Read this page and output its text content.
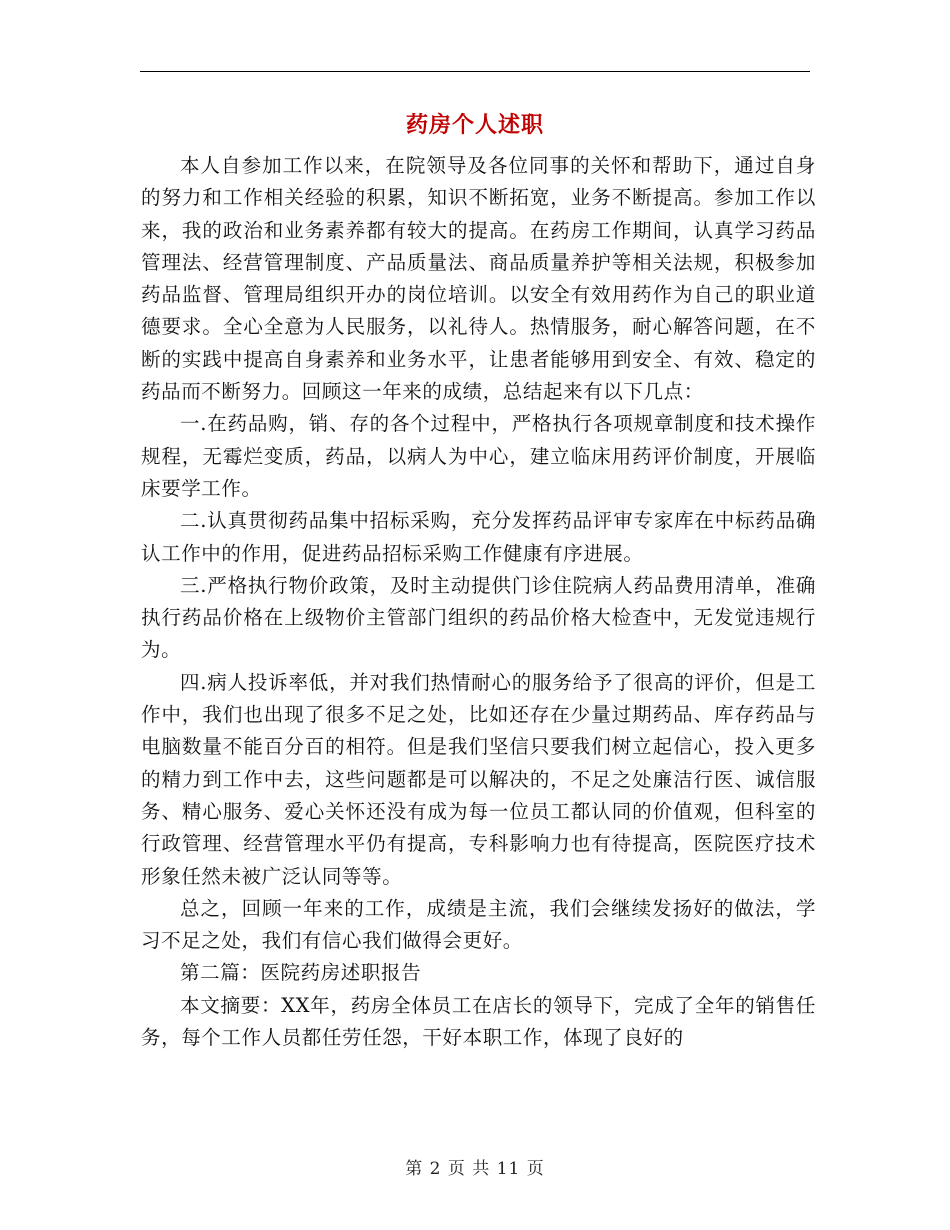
药房个人述职

本人自参加工作以来，在院领导及各位同事的关怀和帮助下，通过自身的努力和工作相关经验的积累，知识不断拓宽，业务不断提高。参加工作以来，我的政治和业务素养都有较大的提高。在药房工作期间，认真学习药品管理法、经营管理制度、产品质量法、商品质量养护等相关法规，积极参加药品监督、管理局组织开办的岗位培训。以安全有效用药作为自己的职业道德要求。全心全意为人民服务，以礼待人。热情服务，耐心解答问题，在不断的实践中提高自身素养和业务水平，让患者能够用到安全、有效、稳定的药品而不断努力。回顾这一年来的成绩，总结起来有以下几点：

一.在药品购，销、存的各个过程中，严格执行各项规章制度和技术操作规程，无霉烂变质，药品，以病人为中心，建立临床用药评价制度，开展临床要学工作。

二.认真贯彻药品集中招标采购，充分发挥药品评审专家库在中标药品确认工作中的作用，促进药品招标采购工作健康有序进展。

三.严格执行物价政策，及时主动提供门诊住院病人药品费用清单，准确执行药品价格在上级物价主管部门组织的药品价格大检查中，无发觉违规行为。

四.病人投诉率低，并对我们热情耐心的服务给予了很高的评价，但是工作中，我们也出现了很多不足之处，比如还存在少量过期药品、库存药品与电脑数量不能百分百的相符。但是我们坚信只要我们树立起信心，投入更多的精力到工作中去，这些问题都是可以解决的，不足之处廉洁行医、诚信服务、精心服务、爱心关怀还没有成为每一位员工都认同的价值观，但科室的行政管理、经营管理水平仍有提高，专科影响力也有待提高，医院医疗技术形象任然未被广泛认同等等。

总之，回顾一年来的工作，成绩是主流，我们会继续发扬好的做法，学习不足之处，我们有信心我们做得会更好。

第二篇：医院药房述职报告

本文摘要：XX年，药房全体员工在店长的领导下，完成了全年的销售任务，每个工作人员都任劳任怨，干好本职工作，体现了良好的

第 2 页 共 11 页
